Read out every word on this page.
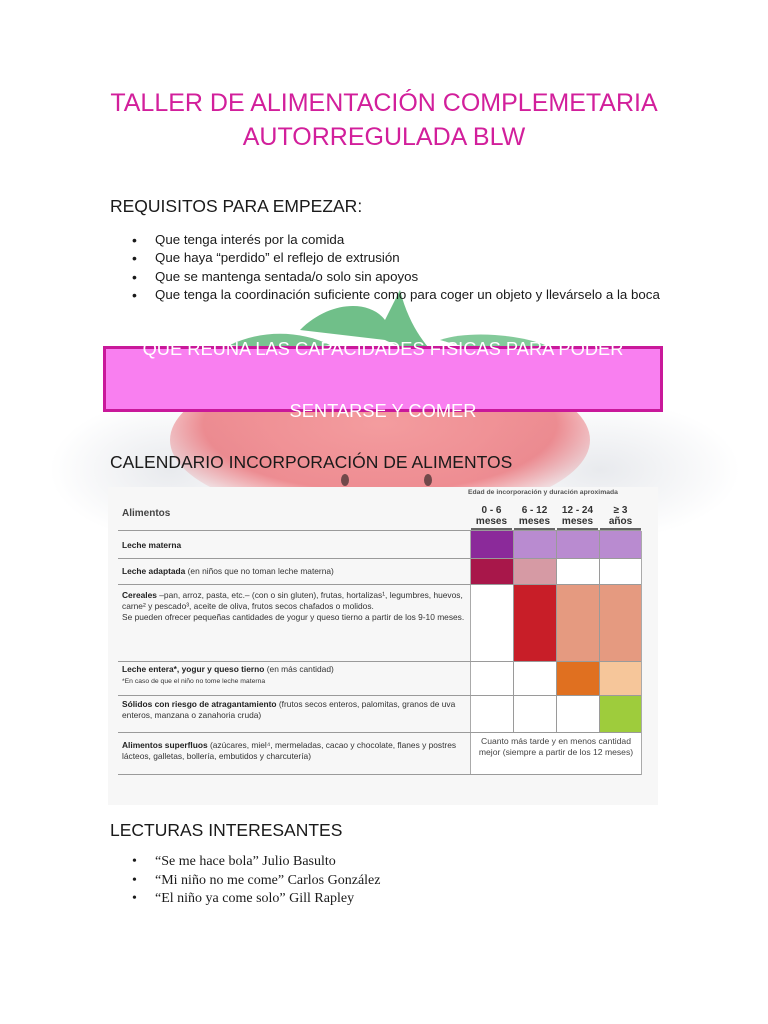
TALLER DE ALIMENTACIÓN COMPLEMETARIA
AUTORREGULADA BLW
REQUISITOS PARA EMPEZAR:
• Que tenga interés por la comida
• Que haya “perdido” el reflejo de extrusión
• Que se mantenga sentada/o solo sin apoyos
• Que tenga la coordinación suficiente como para coger un objeto y llevárselo a la boca
QUE REUNA LAS CAPACIDADES FíSICAS PARA PODER

SENTARSE Y COMER
CALENDARIO INCORPORACIÓN DE ALIMENTOS
Edad de incorporación y duración aproximada
Alimentos	0 - 6
meses
6 - 12
meses
12 - 24
meses
≥ 3
años
Leche materna
Leche adaptada (en niños que no toman leche materna)
Cereales –pan, arroz, pasta, etc.– (con o sin gluten), frutas, hortalizas¹, legumbres, huevos, carne² y pescado³, aceite de oliva, frutos secos chafados o molidos.
Se pueden ofrecer pequeñas cantidades de yogur y queso tierno a partir de los 9-10 meses.
Leche entera*, yogur y queso tierno (en más cantidad)
*En caso de que el niño no tome leche materna
Sólidos con riesgo de atragantamiento (frutos secos enteros, palomitas, granos de uva enteros, manzana o zanahoria cruda)
Alimentos superfluos (azúcares, miel⁴, mermeladas, cacao y chocolate, flanes y postres lácteos, galletas, bollería, embutidos y charcutería)
Cuanto más tarde y en menos cantidad mejor (siempre a partir de los 12 meses)
LECTURAS INTERESANTES
• “Se me hace bola” Julio Basulto
• “Mi niño no me come” Carlos González
• “El niño ya come solo” Gill Rapley
